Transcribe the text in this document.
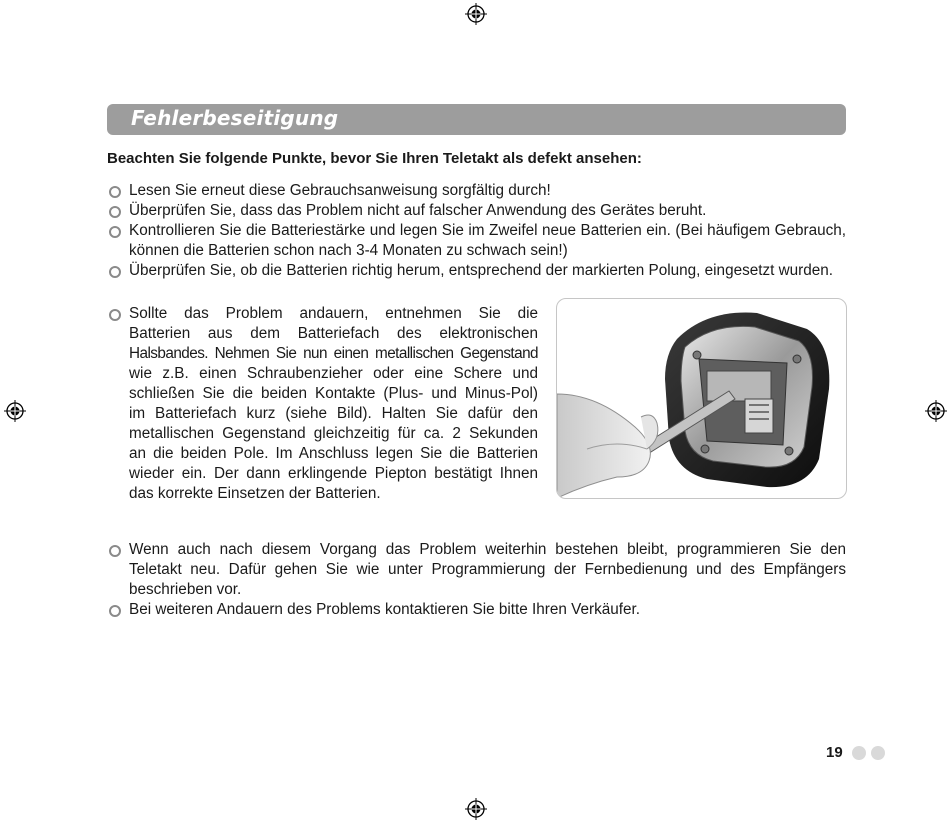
Fehlerbeseitigung

Beachten Sie folgende Punkte, bevor Sie Ihren Teletakt als defekt ansehen:

Lesen Sie erneut diese Gebrauchsanweisung sorgfältig durch!
Überprüfen Sie, dass das Problem nicht auf falscher Anwendung des Gerätes beruht.
Kontrollieren Sie die Batteriestärke und legen Sie im Zweifel neue Batterien ein. (Bei häufigem Gebrauch, können die Batterien schon nach 3-4 Monaten zu schwach sein!)
Überprüfen Sie, ob die Batterien richtig herum, entsprechend der markierten Polung, eingesetzt wurden.
Sollte das Problem andauern, entnehmen Sie die
Batterien aus dem Batteriefach des elektronischen
Halsbandes. Nehmen Sie nun einen metallischen Gegenstand
wie z.B. einen Schraubenzieher oder eine Schere und
schließen Sie die beiden Kontakte (Plus- und Minus-Pol)
im Batteriefach kurz (siehe Bild). Halten Sie dafür den
metallischen Gegenstand gleichzeitig für ca. 2 Sekunden
an die beiden Pole. Im Anschluss legen Sie die Batterien
wieder ein. Der dann erklingende Piepton bestätigt Ihnen
das korrekte Einsetzen der Batterien.
Wenn auch nach diesem Vorgang das Problem weiterhin bestehen bleibt, programmieren Sie den Teletakt neu. Dafür gehen Sie wie unter Programmierung der Fernbedienung und des Empfängers beschrieben vor.
Bei weiteren Andauern des Problems kontaktieren Sie bitte Ihren Verkäufer.
19
